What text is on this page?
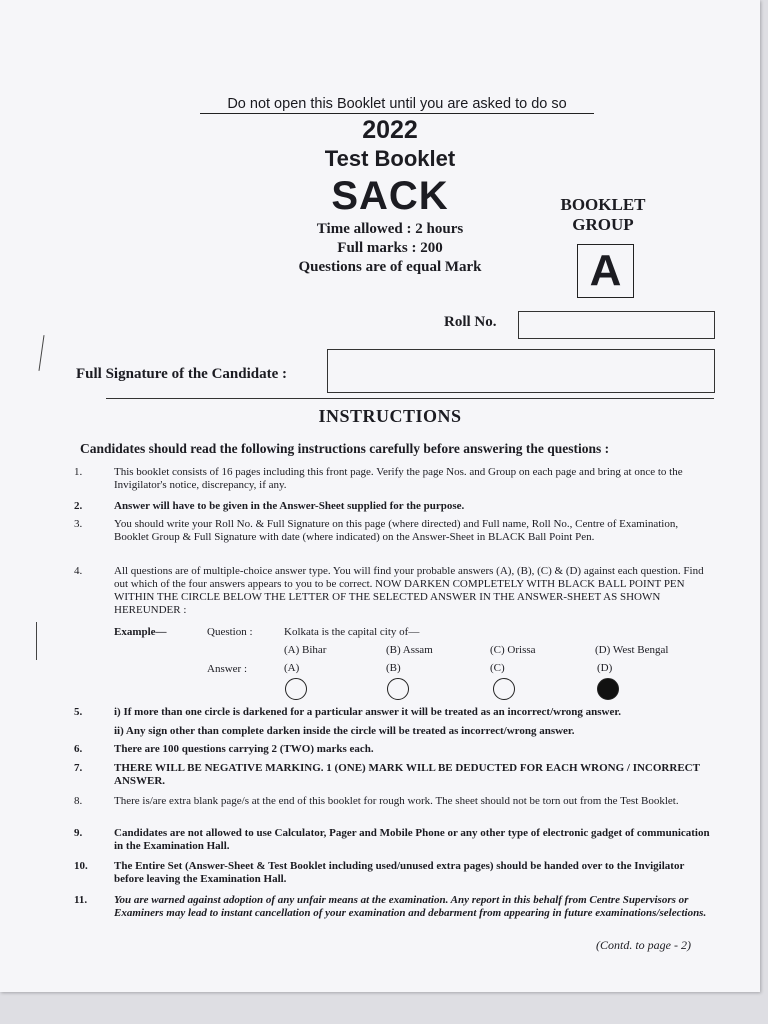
Do not open this Booklet until you are asked to do so
2022
Test Booklet
SACK
Time allowed : 2 hours
Full marks : 200
Questions are of equal Mark
BOOKLET
GROUP
A
Roll No.
Full Signature of the Candidate :
INSTRUCTIONS
Candidates should read the following instructions carefully before answering the questions :
1.	This booklet consists of 16 pages including this front page. Verify the page Nos. and Group on each page and bring at once to the Invigilator's notice, discrepancy, if any.
2.	Answer will have to be given in the Answer-Sheet supplied for the purpose.
3.	You should write your Roll No. & Full Signature on this page (where directed) and Full name, Roll No., Centre of Examination, Booklet Group & Full Signature with date (where indicated) on the Answer-Sheet in BLACK Ball Point Pen.
4.	All questions are of multiple-choice answer type. You will find your probable answers (A), (B), (C) & (D) against each question. Find out which of the four answers appears to you to be correct. NOW DARKEN COMPLETELY WITH BLACK BALL POINT PEN WITHIN THE CIRCLE BELOW THE LETTER OF THE SELECTED ANSWER IN THE ANSWER-SHEET AS SHOWN HEREUNDER :
Example—	Question :	Kolkata is the capital city of—
(A) Bihar	(B) Assam	(C) Orissa	(D) West Bengal
Answer :	(A)	(B)	(C)	(D)
5.	i) If more than one circle is darkened for a particular answer it will be treated as an incorrect/wrong answer.
ii) Any sign other than complete darken inside the circle will be treated as incorrect/wrong answer.
6.	There are 100 questions carrying 2 (TWO) marks each.
7.	THERE WILL BE NEGATIVE MARKING. 1 (ONE) MARK WILL BE DEDUCTED FOR EACH WRONG / INCORRECT ANSWER.
8.	There is/are extra blank page/s at the end of this booklet for rough work. The sheet should not be torn out from the Test Booklet.
9.	Candidates are not allowed to use Calculator, Pager and Mobile Phone or any other type of electronic gadget of communication in the Examination Hall.
10.	The Entire Set (Answer-Sheet & Test Booklet including used/unused extra pages) should be handed over to the Invigilator before leaving the Examination Hall.
11.	You are warned against adoption of any unfair means at the examination. Any report in this behalf from Centre Supervisors or Examiners may lead to instant cancellation of your examination and debarment from appearing in future examinations/selections.
(Contd. to page - 2)
